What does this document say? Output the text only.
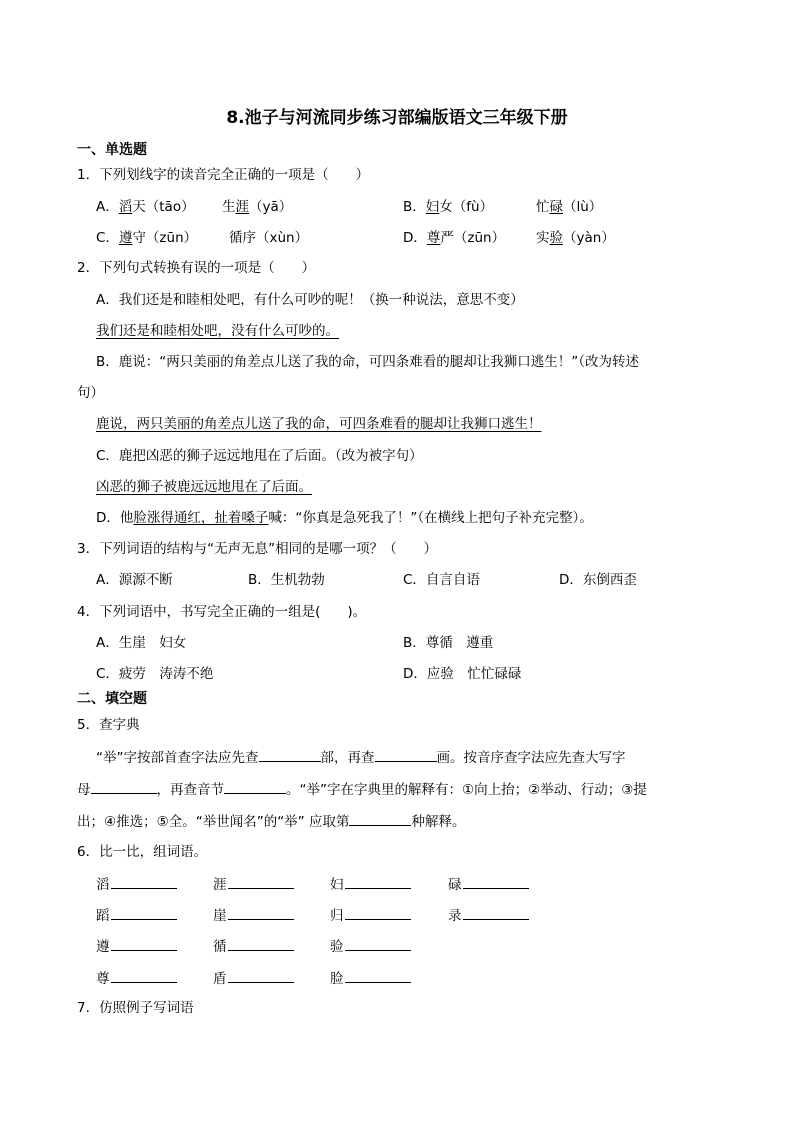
8.池子与河流同步练习部编版语文三年级下册
一、单选题
1．下列划线字的读音完全正确的一项是（　　）
A．滔天（tāo） 生涯（yā）	B．妇女（fù）	忙碌（lù）
C．遵守（zūn） 循序（xùn）	D．尊严（zūn） 实验（yàn）
2．下列句式转换有误的一项是（　　）
A．我们还是和睦相处吧，有什么可吵的呢！（换一种说法，意思不变）
我们还是和睦相处吧，没有什么可吵的。
B．鹿说：“两只美丽的角差点儿送了我的命，可四条难看的腿却让我狮口逃生！”（改为转述
句）
鹿说，两只美丽的角差点儿送了我的命，可四条难看的腿却让我狮口逃生！
C．鹿把凶恶的狮子远远地甩在了后面。（改为被字句）
凶恶的狮子被鹿远远地甩在了后面。
D．他脸涨得通红，扯着嗓子喊：“你真是急死我了！”（在横线上把句子补充完整）。
3．下列词语的结构与“无声无息”相同的是哪一项？（　　）
A．源源不断	B．生机勃勃	C．自言自语	D．东倒西歪
4．下列词语中，书写完全正确的一组是(　　)。
A．生崖　妇女	B．尊循　遵重
C．疲劳　涛涛不绝	D．应验　忙忙碌碌
二、填空题
5．查字典
“举”字按部首查字法应先查	部，再查	画。按音序查字法应先查大写字
母	，再查音节	。“举”字在字典里的解释有：①向上抬；②举动、行动；③提
出；④推选；⑤全。“举世闻名”的“举” 应取第	种解释。
6．比一比，组词语。
滔	涯	妇	碌
蹈	崖	归	录
遵	循	验
尊	盾	脸
7．仿照例子写词语
